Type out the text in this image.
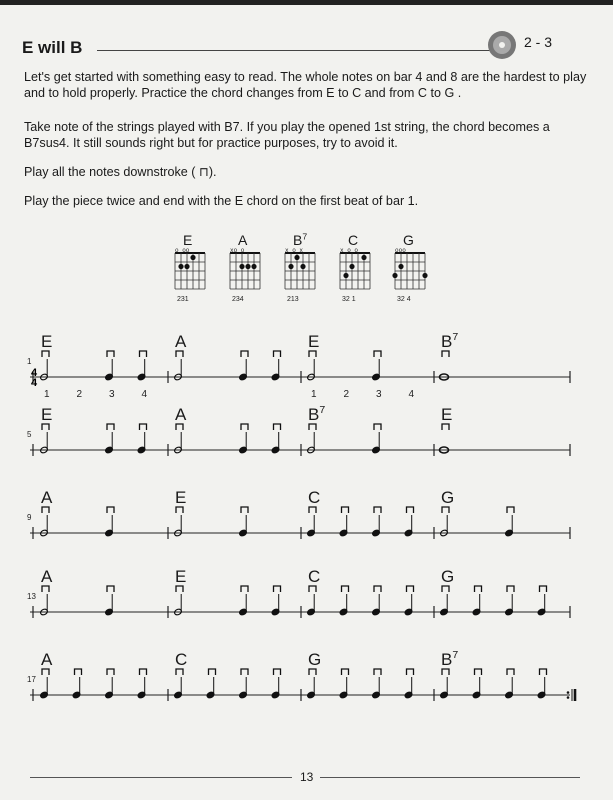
E will B	2 - 3

Let's get started with something easy to read. The whole notes on bar 4 and 8 are the hardest to play and to hold properly. Practice the chord changes from E to C and from C to G .

Take note of the strings played with B7. If you play the opened 1st string, the chord becomes a B7sus4. It still sounds right but for practice purposes, try to avoid it.

Play all the notes downstroke ( ⊓).

Play the piece twice and end with the E chord on the first beat of bar 1.

E
o oo
231
A
xo o
234
$B^7$
x o x
213
C
x o o
32 1
G
ooo
32 4
1
4
4
E	A	E	$B^7$
1	2	3	4	1	2	3	4
5
E	A	$B^7$	E
9
A	E	C	G
13
A	E	C	G
17
A	C	G	$B^7$
13
